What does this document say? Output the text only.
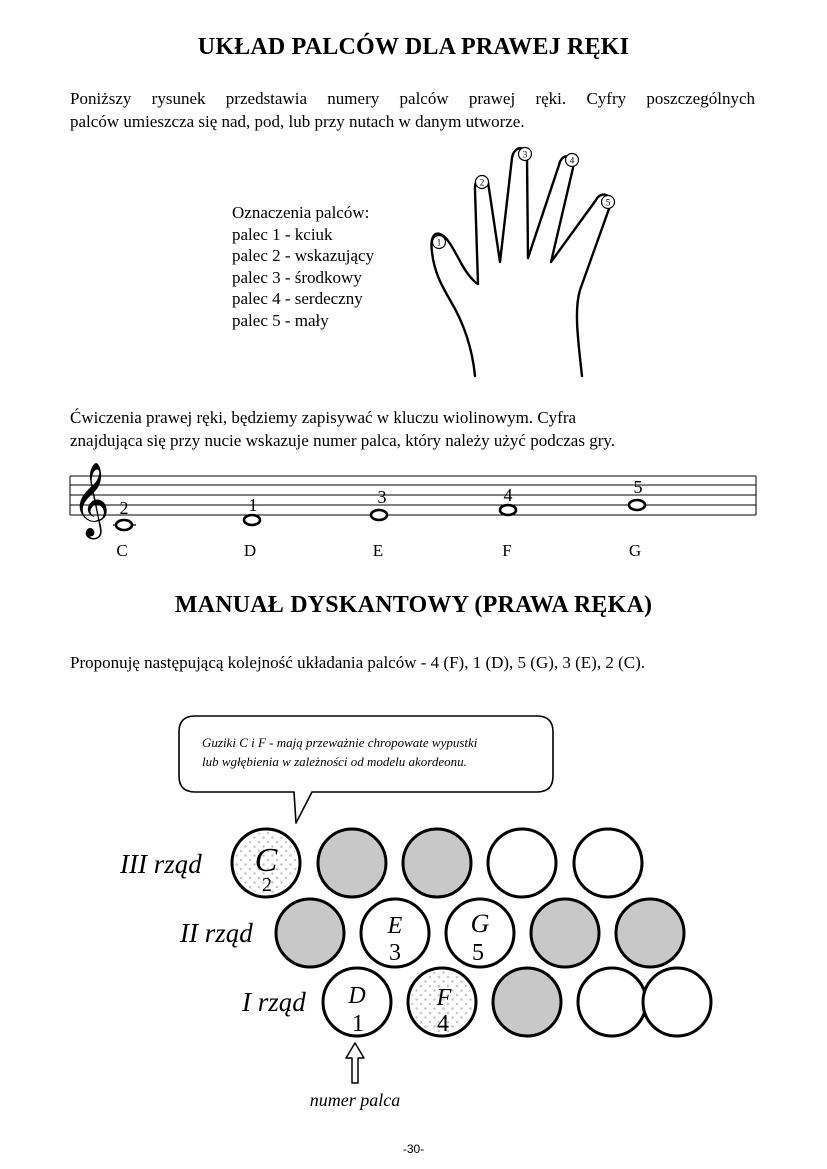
UKŁAD PALCÓW DLA PRAWEJ RĘKI
Poniższy rysunek przedstawia numery palców prawej ręki. Cyfry poszczególnych
palców umieszcza się nad, pod, lub przy nutach w danym utworze.
Oznaczenia palców:
palec 1 - kciuk
palec 2 - wskazujący
palec 3 - środkowy
palec 4 - serdeczny
palec 5 - mały
1
2
3
4
5
Ćwiczenia prawej ręki, będziemy zapisywać w kluczu wiolinowym. Cyfra
znajdująca się przy nucie wskazuje numer palca, który należy użyć podczas gry.
𝄞 2	1	3	4	5
C	D	E	F	G
MANUAŁ DYSKANTOWY (PRAWA RĘKA)
Proponuję następującą kolejność układania palców - 4 (F), 1 (D), 5 (G), 3 (E), 2 (C).
Guziki C i F - mają przeważnie chropowate wypustki
lub wgłębienia w zależności od modelu akordeonu.
III rząd
II rząd
I rząd
C
E	G
D	F
2
3	5
1	4
numer palca
-30-
